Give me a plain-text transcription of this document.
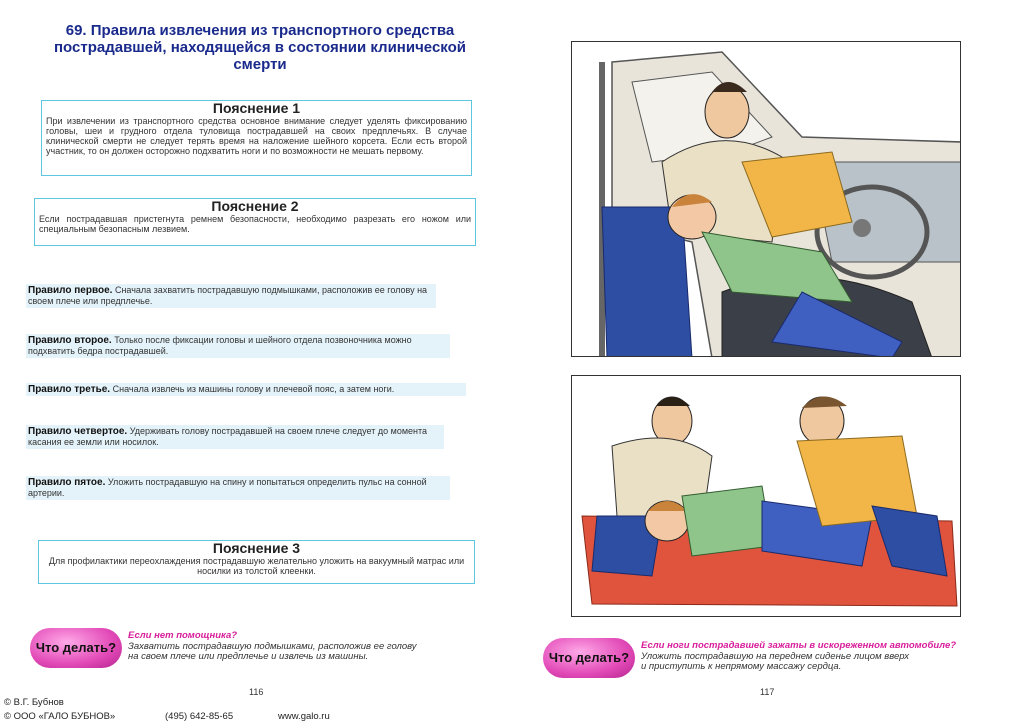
69. Правила извлечения из транспортного средства пострадавшей, находящейся в состоянии клинической смерти
Пояснение 1

При извлечении из транспортного средства основное внимание следует уделять фиксированию головы, шеи и грудного отдела туловища пострадавшей на своих предплечьях. В случае клинической смерти не следует терять время на наложение шейного корсета. Если есть второй участник, то он должен осторожно подхватить ноги и по возможности не мешать первому.

Пояснение 2

Если пострадавшая пристегнута ремнем безопасности, необходимо разрезать его ножом или специальным безопасным лезвием.

Правило первое. Сначала захватить пострадавшую подмышками, расположив ее голову на своем плече или предплечье.
Правило второе. Только после фиксации головы и шейного отдела позвоночника можно подхватить бедра пострадавшей.
Правило третье. Сначала извлечь из машины голову и плечевой пояс, а затем ноги.
Правило четвертое. Удерживать голову пострадавшей на своем плече следует до момента касания ее земли или носилок.
Правило пятое. Уложить пострадавшую на спину и попытаться определить пульс на сонной артерии.
Пояснение 3

Для профилактики переохлаждения пострадавшую желательно уложить на вакуумный матрас или носилки из толстой клеенки.

Что делать?
Если нет помощника?
Захватить пострадавшую подмышками, расположив ее голову
на своем плече или предплечье и извлечь из машины.	Что делать?
Если ноги пострадавшей зажаты в искореженном автомобиле?
Уложить пострадавшую на переднем сиденье лицом вверх
и приступить к непрямому массажу сердца.
116	117
© В.Г. Бубнов
© ООО «ГАЛО БУБНОВ»	(495) 642-85-65	www.galo.ru
